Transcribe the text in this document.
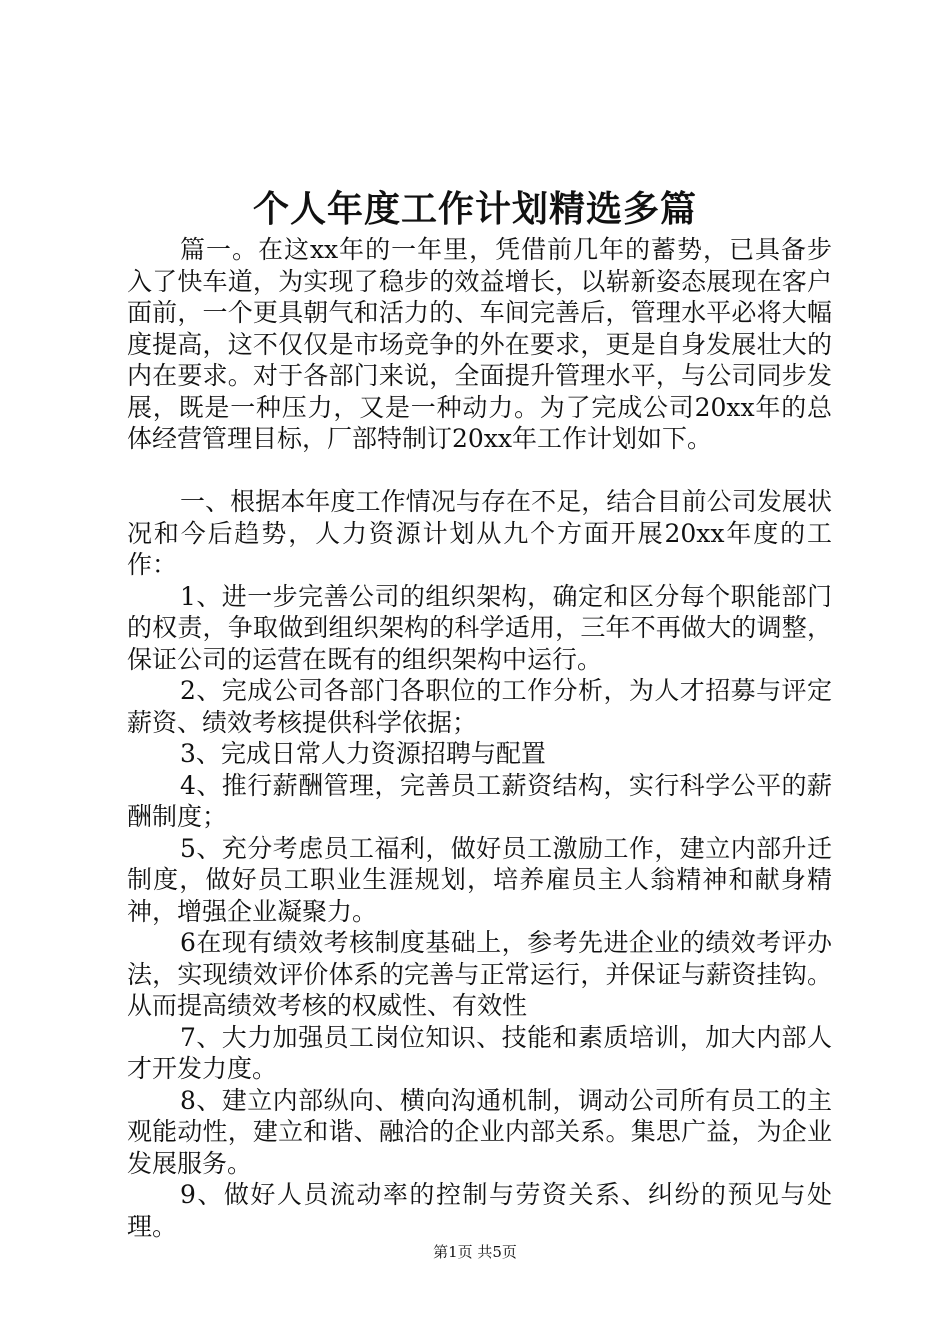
个人年度工作计划精选多篇

篇一。在这xx年的一年里，凭借前几年的蓄势，已具备步入了快车道，为实现了稳步的效益增长，以崭新姿态展现在客户面前，一个更具朝气和活力的、车间完善后，管理水平必将大幅度提高，这不仅仅是市场竞争的外在要求，更是自身发展壮大的内在要求。对于各部门来说，全面提升管理水平，与公司同步发展，既是一种压力，又是一种动力。为了完成公司20xx年的总体经营管理目标，厂部特制订20xx年工作计划如下。

一、根据本年度工作情况与存在不足，结合目前公司发展状况和今后趋势，人力资源计划从九个方面开展20xx年度的工作：

1、进一步完善公司的组织架构，确定和区分每个职能部门的权责，争取做到组织架构的科学适用，三年不再做大的调整，保证公司的运营在既有的组织架构中运行。

2、完成公司各部门各职位的工作分析，为人才招募与评定薪资、绩效考核提供科学依据；

3、完成日常人力资源招聘与配置

4、推行薪酬管理，完善员工薪资结构，实行科学公平的薪酬制度；

5、充分考虑员工福利，做好员工激励工作，建立内部升迁制度，做好员工职业生涯规划，培养雇员主人翁精神和献身精神，增强企业凝聚力。

6在现有绩效考核制度基础上，参考先进企业的绩效考评办法，实现绩效评价体系的完善与正常运行，并保证与薪资挂钩。从而提高绩效考核的权威性、有效性

7、大力加强员工岗位知识、技能和素质培训，加大内部人才开发力度。

8、建立内部纵向、横向沟通机制，调动公司所有员工的主观能动性，建立和谐、融洽的企业内部关系。集思广益，为企业发展服务。

9、做好人员流动率的控制与劳资关系、纠纷的预见与处理。

第1页 共5页
